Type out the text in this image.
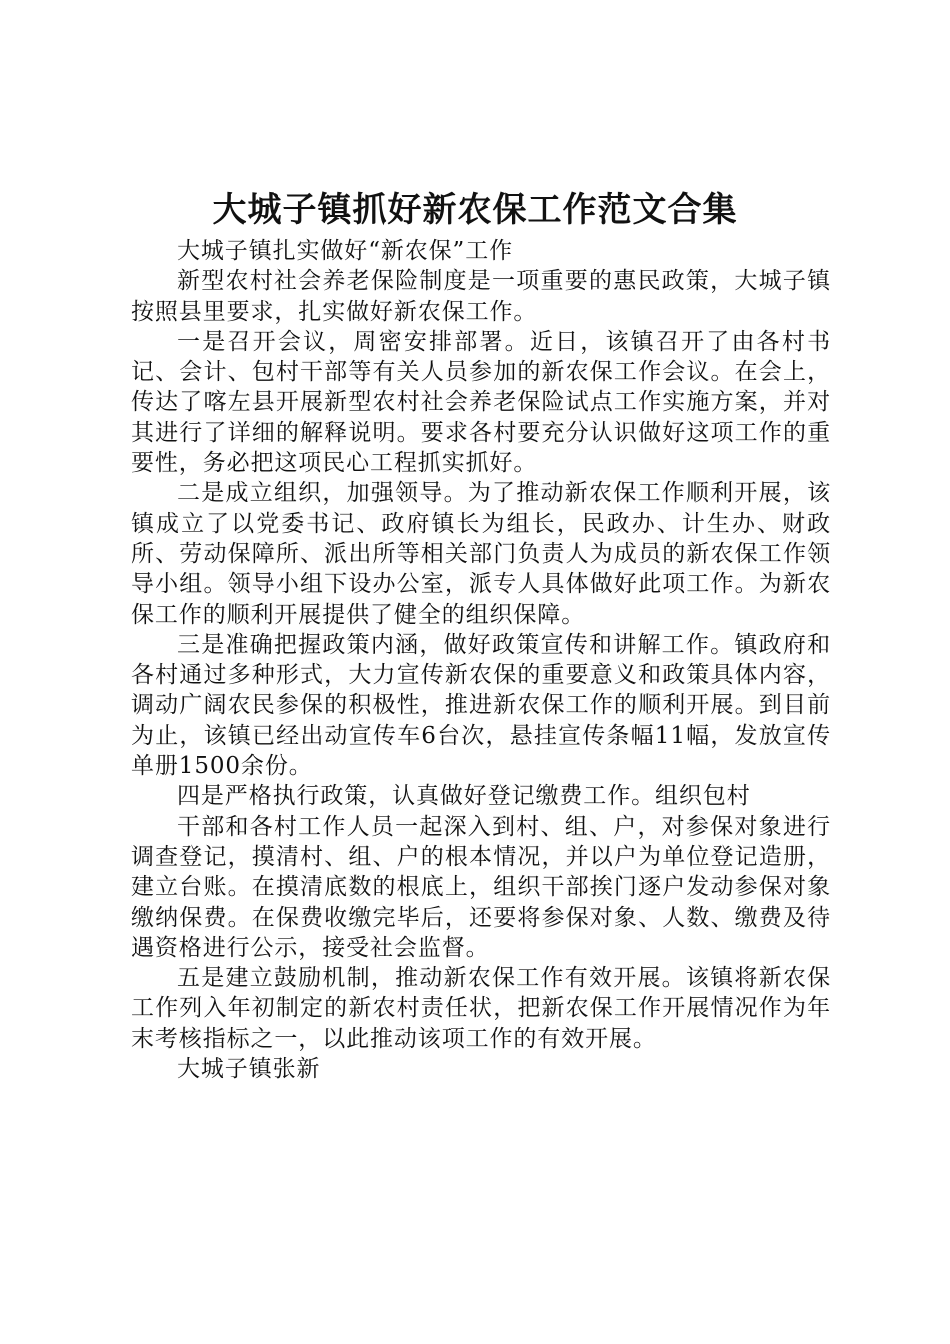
大城子镇抓好新农保工作范文合集

大城子镇扎实做好“新农保”工作

新型农村社会养老保险制度是一项重要的惠民政策，大城子镇按照县里要求，扎实做好新农保工作。

一是召开会议，周密安排部署。近日，该镇召开了由各村书记、会计、包村干部等有关人员参加的新农保工作会议。在会上，传达了喀左县开展新型农村社会养老保险试点工作实施方案，并对其进行了详细的解释说明。要求各村要充分认识做好这项工作的重要性，务必把这项民心工程抓实抓好。

二是成立组织，加强领导。为了推动新农保工作顺利开展，该镇成立了以党委书记、政府镇长为组长，民政办、计生办、财政所、劳动保障所、派出所等相关部门负责人为成员的新农保工作领导小组。领导小组下设办公室，派专人具体做好此项工作。为新农保工作的顺利开展提供了健全的组织保障。

三是准确把握政策内涵，做好政策宣传和讲解工作。镇政府和各村通过多种形式，大力宣传新农保的重要意义和政策具体内容，调动广阔农民参保的积极性，推进新农保工作的顺利开展。到目前为止，该镇已经出动宣传车6台次，悬挂宣传条幅11幅，发放宣传单册1500余份。

四是严格执行政策，认真做好登记缴费工作。组织包村

干部和各村工作人员一起深入到村、组、户，对参保对象进行调查登记，摸清村、组、户的根本情况，并以户为单位登记造册，建立台账。在摸清底数的根底上，组织干部挨门逐户发动参保对象缴纳保费。在保费收缴完毕后，还要将参保对象、人数、缴费及待遇资格进行公示，接受社会监督。

五是建立鼓励机制，推动新农保工作有效开展。该镇将新农保工作列入年初制定的新农村责任状，把新农保工作开展情况作为年末考核指标之一，以此推动该项工作的有效开展。

大城子镇张新
